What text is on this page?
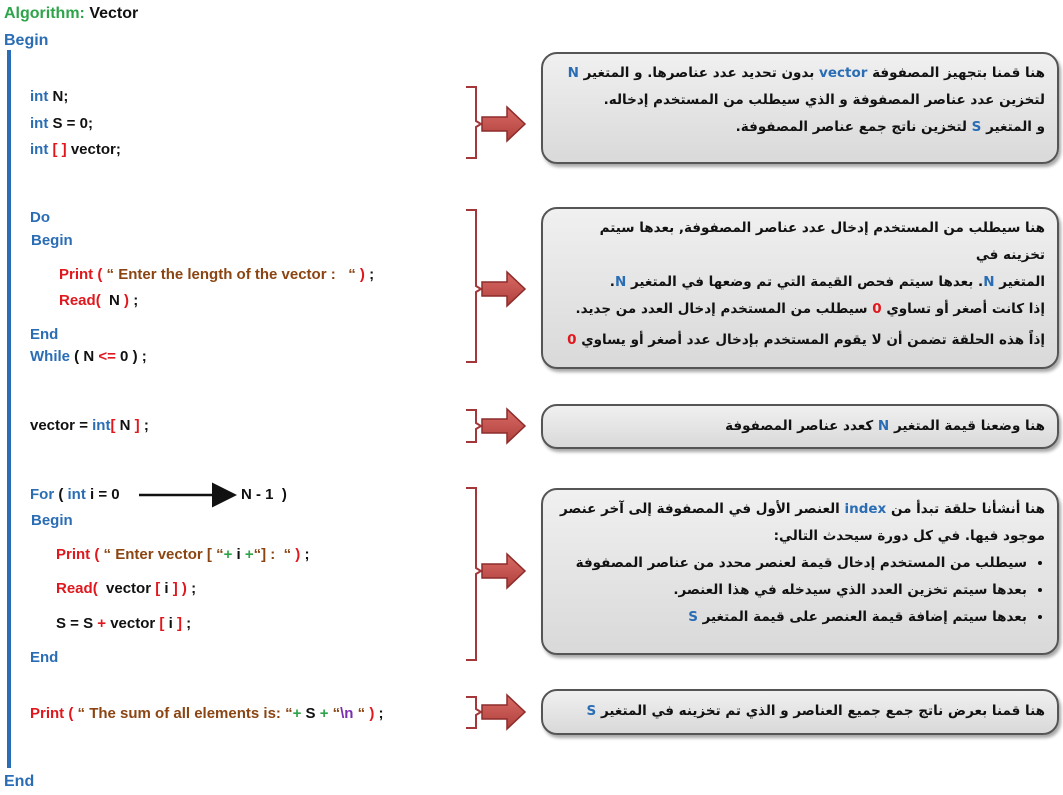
Algorithm: Vector
Begin
End
int N;
int S = 0;
int [ ] vector;
Do
Begin
Print ( “ Enter the length of the vector : “ ) ;
Read( N ) ;
End
While ( N <= 0 ) ;
vector = int[ N ] ;
For ( int i = 0	N - 1 )
Begin
Print ( “ Enter vector [ “+ i +“] : “ ) ;
Read( vector [ i ] ) ;
S = S + vector [ i ] ;
End
Print ( “ The sum of all elements is: “+ S + “\n “ ) ;

هنا قمنا بتجهيز المصفوفة vector بدون تحديد عدد عناصرها. و المتغير N

لتخزين عدد عناصر المصفوفة و الذي سيطلب من المستخدم إدخاله.

و المتغير S لتخزين ناتج جمع عناصر المصفوفة.

هنا سيطلب من المستخدم إدخال عدد عناصر المصفوفة, بعدها سيتم تخزينه في

المتغير N. بعدها سيتم فحص القيمة التي تم وضعها في المتغير N.

إذا كانت أصغر أو تساوي 0 سيطلب من المستخدم إدخال العدد من جديد.

إذاً هذه الحلقة تضمن أن لا يقوم المستخدم بإدخال عدد أصغر أو يساوي 0

هنا وضعنا قيمة المتغير N كعدد عناصر المصفوفة

هنا أنشأنا حلقة تبدأ من index العنصر الأول في المصفوفة إلى آخر عنصر

موجود فيها. في كل دورة سيحدث التالي:

• سيطلب من المستخدم إدخال قيمة لعنصر محدد من عناصر المصفوفة
• بعدها سيتم تخزين العدد الذي سيدخله في هذا العنصر.
• بعدها سيتم إضافة قيمة العنصر على قيمة المتغير S

هنا قمنا بعرض ناتج جمع جميع العناصر و الذي تم تخزينه في المتغير S
